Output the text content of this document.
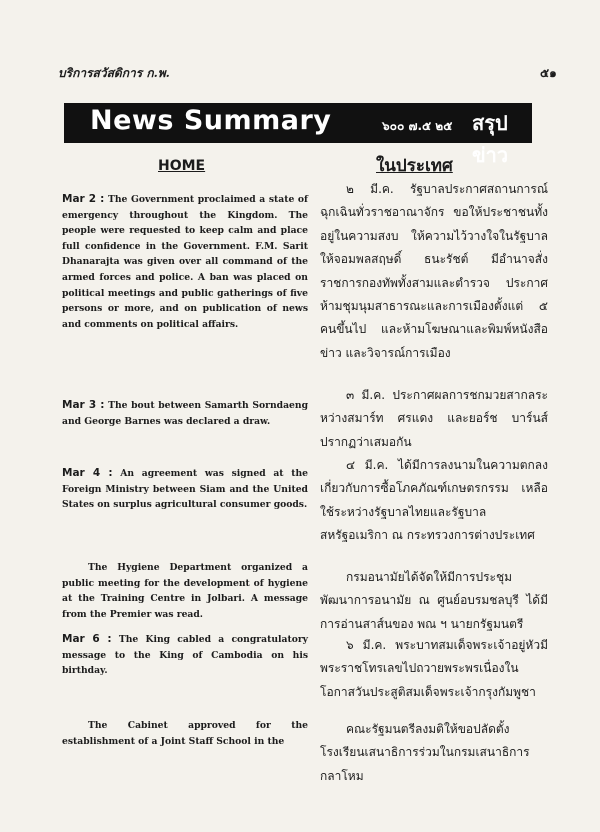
บริการสวัสดิการ ก.พ.	๕๑
News Summary	๖๐๐ ๗.๕ ๒๕ สรุปข่าว
HOME	ในประเทศ
Mar 2 : The Government proclaimed a state of emergency throughout the Kingdom. The people were requested to keep calm and place full confidence in the Government. F.M. Sarit Dhanarajta was given over all command of the armed forces and police. A ban was placed on political meetings and public gatherings of five persons or more, and on publication of news and comments on political affairs.
Mar 3 : The bout between Samarth Sorndaeng and George Barnes was declared a draw.
Mar 4 : An agreement was signed at the Foreign Ministry between Siam and the United States on surplus agricultural consumer goods.
The Hygiene Department organized a public meeting for the development of hygiene at the Training Centre in Jolbari. A message from the Premier was read.
Mar 6 : The King cabled a congratulatory message to the King of Cambodia on his birthday.
The Cabinet approved for the establishment of a Joint Staff School in the
๒ มี.ค. รัฐบาลประกาศสถานการณ์ฉุกเฉินทั่วราชอาณาจักร ขอให้ประชาชนทั้งอยู่ในความสงบ ให้ความไว้วางใจในรัฐบาล ให้จอมพลสฤษดิ์ ธนะรัชต์ มีอำนาจสั่งราชการกองทัพทั้งสามและตำรวจ ประกาศห้ามชุมนุมสาธารณะและการเมืองตั้งแต่ ๕ คนขึ้นไป และห้ามโฆษณาและพิมพ์หนังสือ ข่าว และวิจารณ์การเมือง
๓ มี.ค. ประกาศผลการชกมวยสากลระหว่างสมาร์ท ศรแดง และยอร์ช บาร์นส์ ปรากฏว่าเสมอกัน
๔ มี.ค. ได้มีการลงนามในความตกลงเกี่ยวกับการซื้อโภคภัณฑ์เกษตรกรรม เหลือใช้ระหว่างรัฐบาลไทยและรัฐบาลสหรัฐอเมริกา ณ กระทรวงการต่างประเทศ
กรมอนามัยได้จัดให้มีการประชุมพัฒนาการอนามัย ณ ศูนย์อบรมชลบุรี ได้มีการอ่านสาส์นของ พณ ฯ นายกรัฐมนตรี
๖ มี.ค. พระบาทสมเด็จพระเจ้าอยู่หัวมีพระราชโทรเลขไปถวายพระพรเนื่องในโอกาสวันประสูติสมเด็จพระเจ้ากรุงกัมพูชา
คณะรัฐมนตรีลงมติให้ขอปลัดตั้งโรงเรียนเสนาธิการร่วมในกรมเสนาธิการกลาโหม
